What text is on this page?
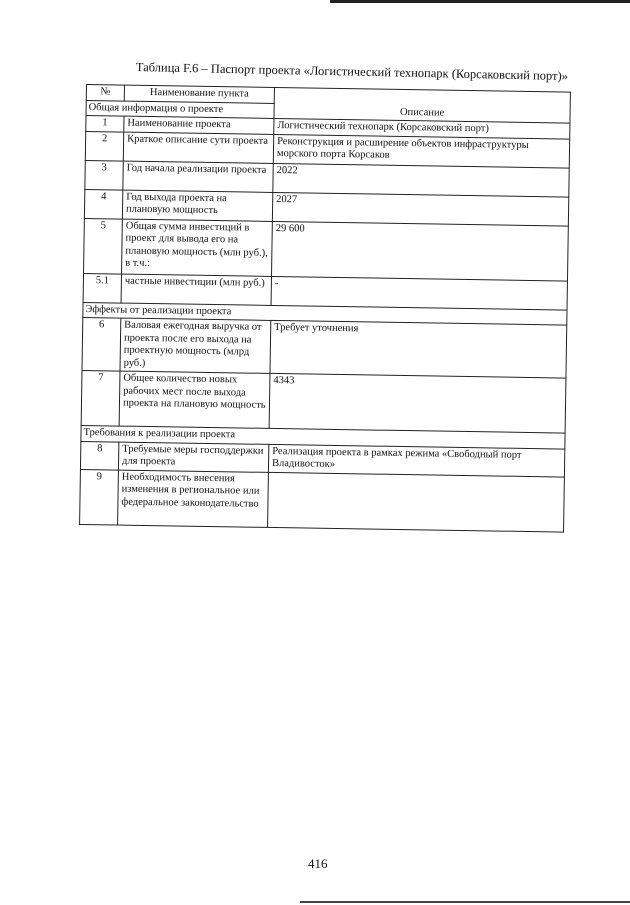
Таблица F.6 – Паспорт проекта «Логистический технопарк (Корсаковский порт)»
№	Наименование пункта	Описание
Общая информация о проекте		
1	Наименование проекта	Логистический технопарк (Корсаковский порт)
2	Краткое описание сути проекта	Реконструкция и расширение объектов инфраструктуры морского порта Корсаков
3	Год начала реализации проекта	2022
4	Год выхода проекта на плановую мощность	2027
5	Общая сумма инвестиций в проект для вывода его на плановую мощность (млн руб.), в т.ч.:	29 600
5.1	частные инвестиции (млн руб.)	-
Эффекты от реализации проекта		
6	Валовая ежегодная выручка от проекта после его выхода на проектную мощность (млрд руб.)	Требует уточнения
7	Общее количество новых рабочих мест после выхода проекта на плановую мощность	4343
Требования к реализации проекта		
8	Требуемые меры господдержки для проекта	Реализация проекта в рамках режима «Свободный порт Владивосток»
9	Необходимость внесения изменения в региональное или федеральное законодательство	
416
